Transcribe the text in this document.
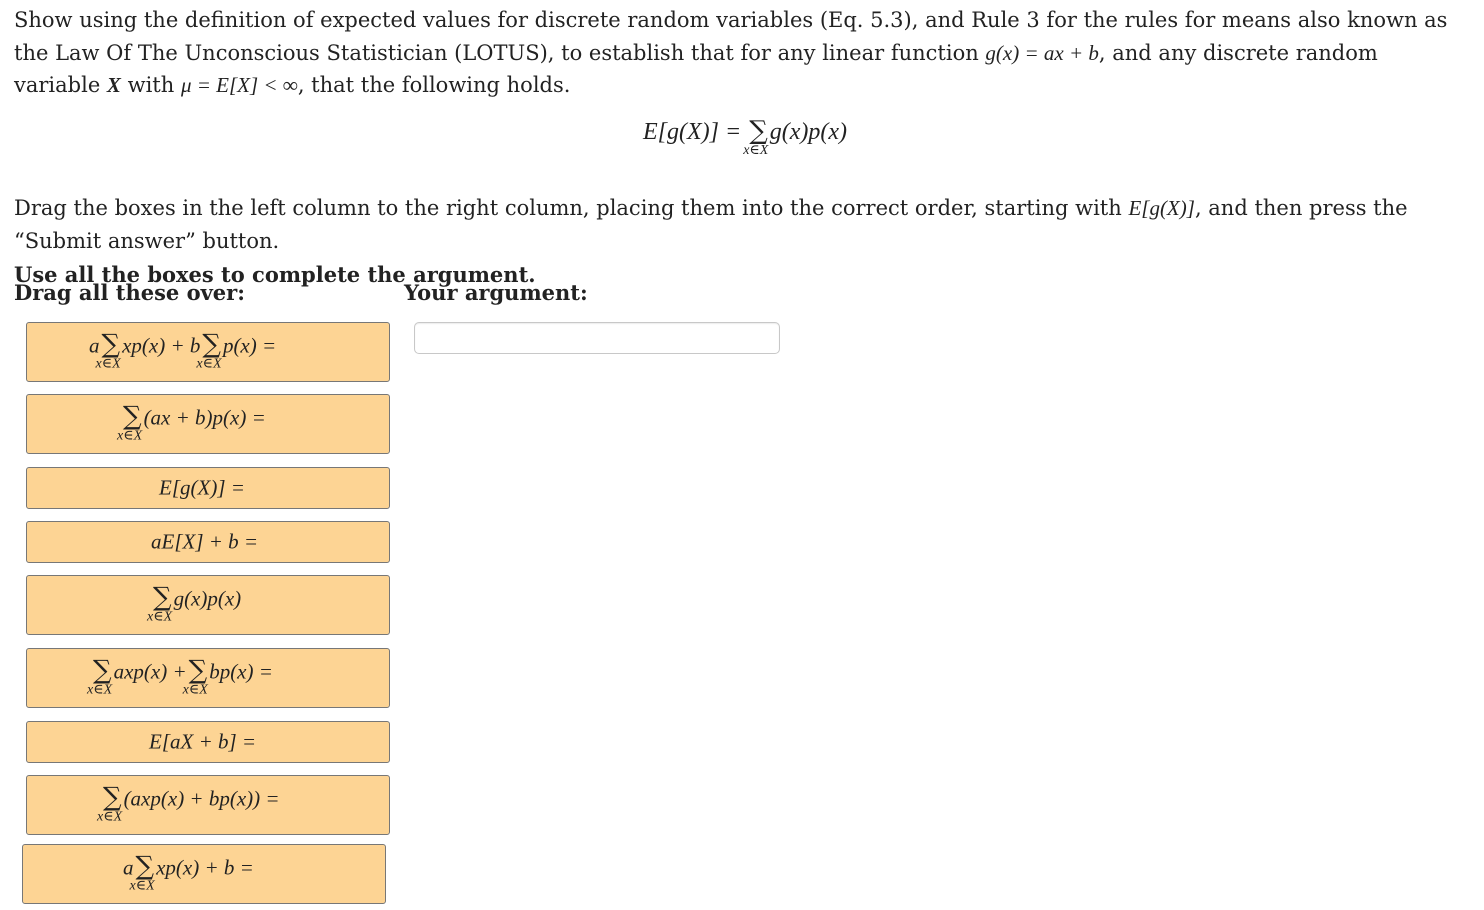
Show using the definition of expected values for discrete random variables (Eq. 5.3), and Rule 3 for the rules for means also known as the Law Of The Unconscious Statistician (LOTUS), to establish that for any linear function g(x) = ax + b, and any discrete random variable X with μ = E[X] < ∞, that the following holds.
E[g(X)] = ∑
x∈X
g(x)p(x)
Drag the boxes in the left column to the right column, placing them into the correct order, starting with E[g(X)], and then press the “Submit answer” button.
Use all the boxes to complete the argument.
Drag all these over:	Your argument:
a∑
x∈X
xp(x) + b∑
x∈X
p(x) =
∑
x∈X
(ax + b)p(x) =
E[g(X)] =
aE[X] + b =
∑
x∈X
g(x)p(x)
∑
x∈X
axp(x) +∑
x∈X
bp(x) =
E[aX + b] =
∑
x∈X
(axp(x) + bp(x)) =
a∑
x∈X
xp(x) + b =
